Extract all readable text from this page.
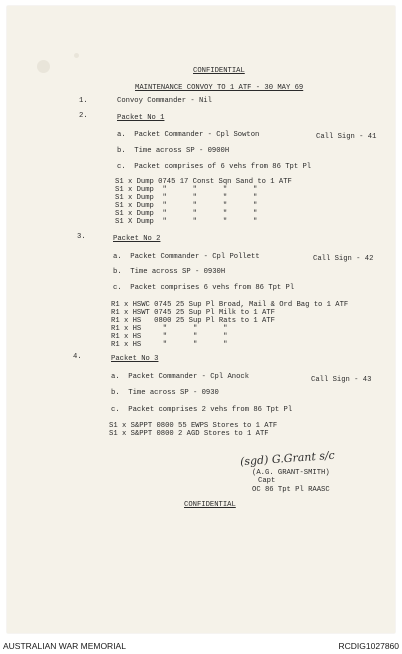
CONFIDENTIAL
MAINTENANCE CONVOY TO 1 ATF - 30 MAY 69
1.	Convoy Commander - Nil
2.	Packet No 1
a.  Packet Commander - Cpl Sowton	Call Sign - 41
b.  Time across SP - 0900H
c.  Packet comprises of 6 vehs from 86 Tpt Pl
S1 x Dump 0745 17 Const Sqn Sand to 1 ATF
S1 x Dump  "      "      "      "
S1 x Dump  "      "      "      "
S1 x Dump  "      "      "      "
S1 x Dump  "      "      "      "
S1 X Dump  "      "      "      "
3.	Packet No 2
a.  Packet Commander - Cpl Pollett	Call Sign - 42
b.  Time across SP - 0930H
c.  Packet comprises 6 vehs from 86 Tpt Pl
R1 x HSWC 0745 25 Sup Pl Broad, Mail & Ord Bag to 1 ATF
R1 x HSWT 0745 25 Sup Pl Milk to 1 ATF
R1 x HS   0800 25 Sup Pl Rats to 1 ATF
R1 x HS     "      "      "
R1 x HS     "      "      "
R1 x HS     "      "      "
4.	Packet No 3
a.  Packet Commander - Cpl Anock	Call Sign - 43
b.  Time across SP - 0930
c.  Packet comprises 2 vehs from 86 Tpt Pl
S1 x S&PPT 0800 55 EWPS Stores to 1 ATF
S1 x S&PPT 0800 2 AGD Stores to 1 ATF
(sgd) G.Grant s/c
(A.G. GRANT-SMITH)
Capt
OC 86 Tpt Pl RAASC
CONFIDENTIAL
AUSTRALIAN WAR MEMORIAL	RCDIG1027860
